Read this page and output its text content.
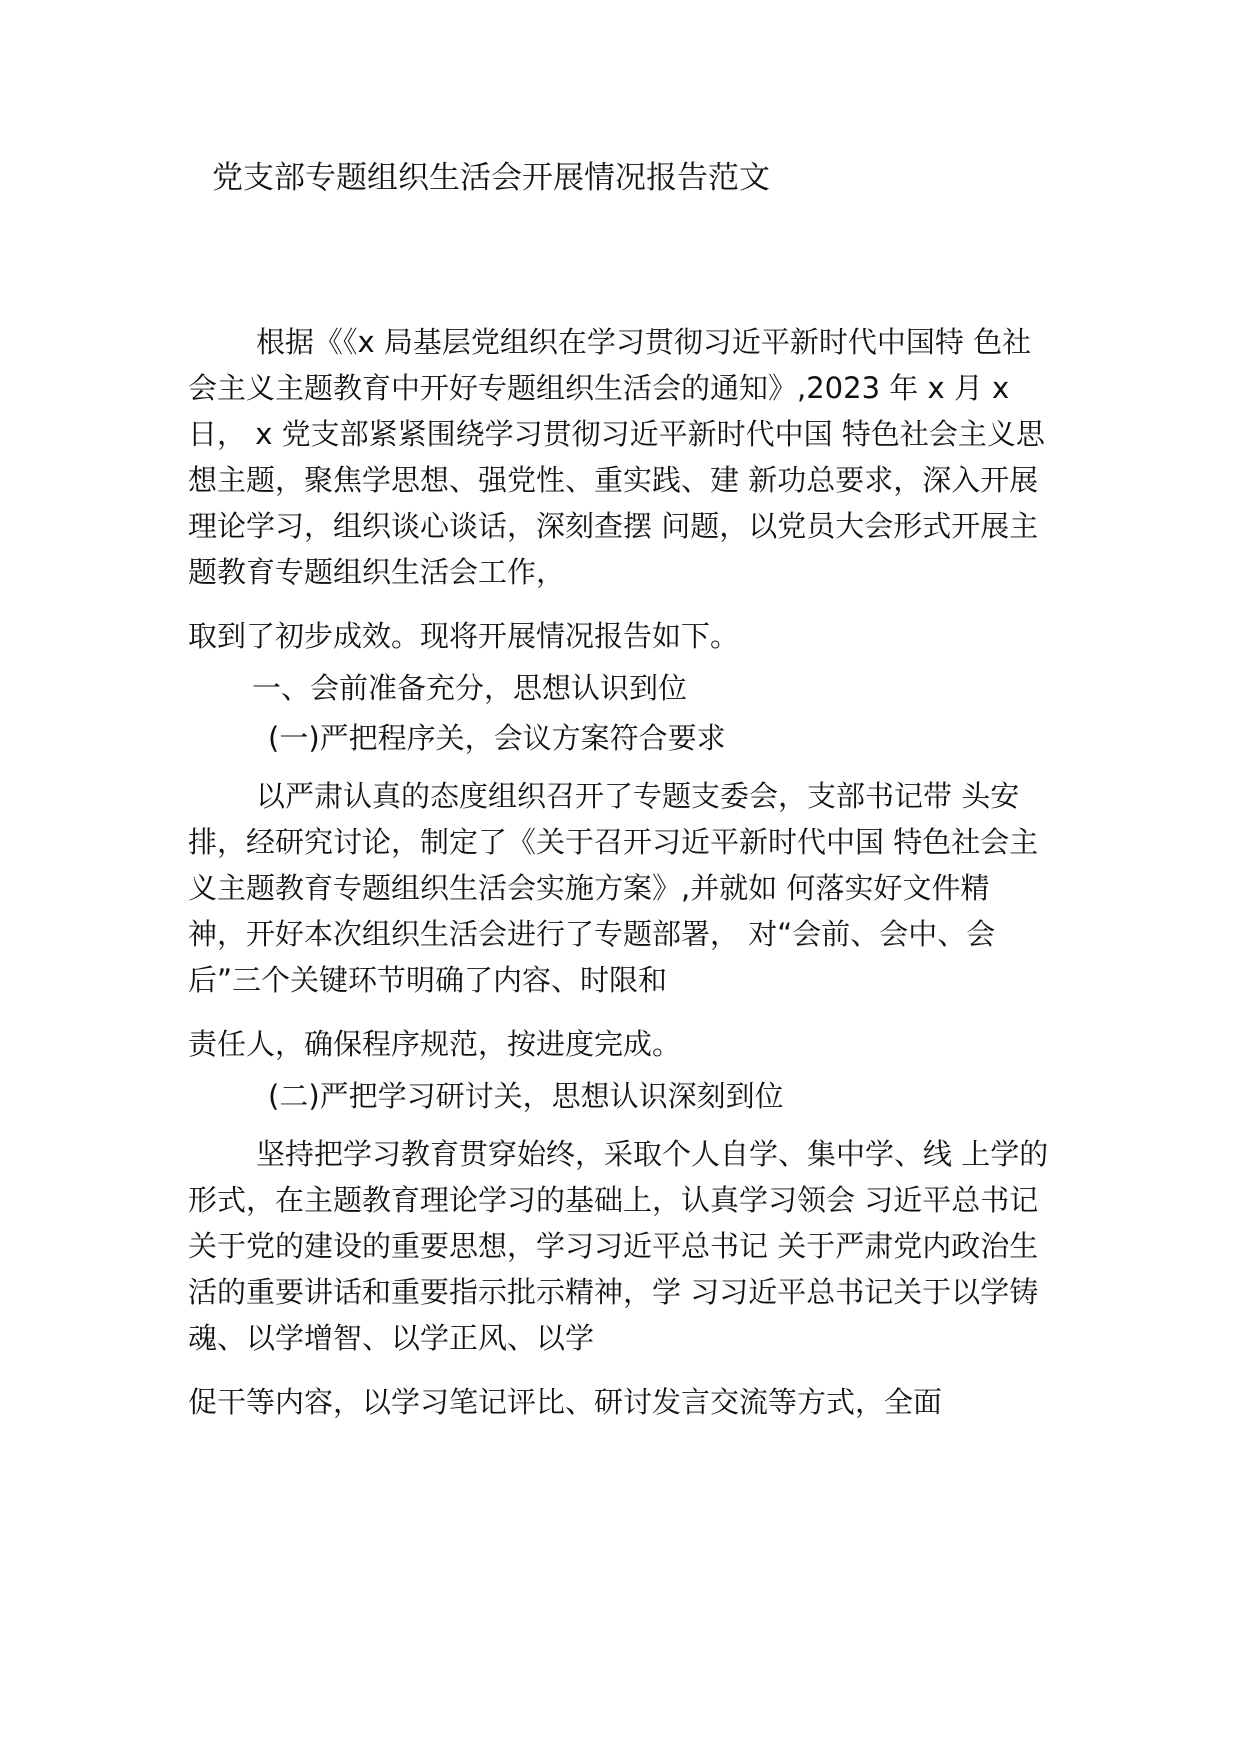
党支部专题组织生活会开展情况报告范文

根据《《x 局基层党组织在学习贯彻习近平新时代中国特 色社

会主义主题教育中开好专题组织生活会的通知》,2023 年 x 月 x

日， x 党支部紧紧围绕学习贯彻习近平新时代中国 特色社会主义思

想主题，聚焦学思想、强党性、重实践、建 新功总要求，深入开展

理论学习，组织谈心谈话，深刻查摆 问题，以党员大会形式开展主

题教育专题组织生活会工作，

取到了初步成效。现将开展情况报告如下。

一、会前准备充分，思想认识到位

(一)严把程序关，会议方案符合要求

以严肃认真的态度组织召开了专题支委会，支部书记带 头安

排，经研究讨论，制定了《关于召开习近平新时代中国 特色社会主

义主题教育专题组织生活会实施方案》,并就如 何落实好文件精

神，开好本次组织生活会进行了专题部署， 对“会前、会中、会

后”三个关键环节明确了内容、时限和

责任人，确保程序规范，按进度完成。

(二)严把学习研讨关，思想认识深刻到位

坚持把学习教育贯穿始终，采取个人自学、集中学、线 上学的

形式，在主题教育理论学习的基础上，认真学习领会 习近平总书记

关于党的建设的重要思想，学习习近平总书记 关于严肃党内政治生

活的重要讲话和重要指示批示精神，学 习习近平总书记关于以学铸

魂、以学增智、以学正风、以学

促干等内容，以学习笔记评比、研讨发言交流等方式，全面
